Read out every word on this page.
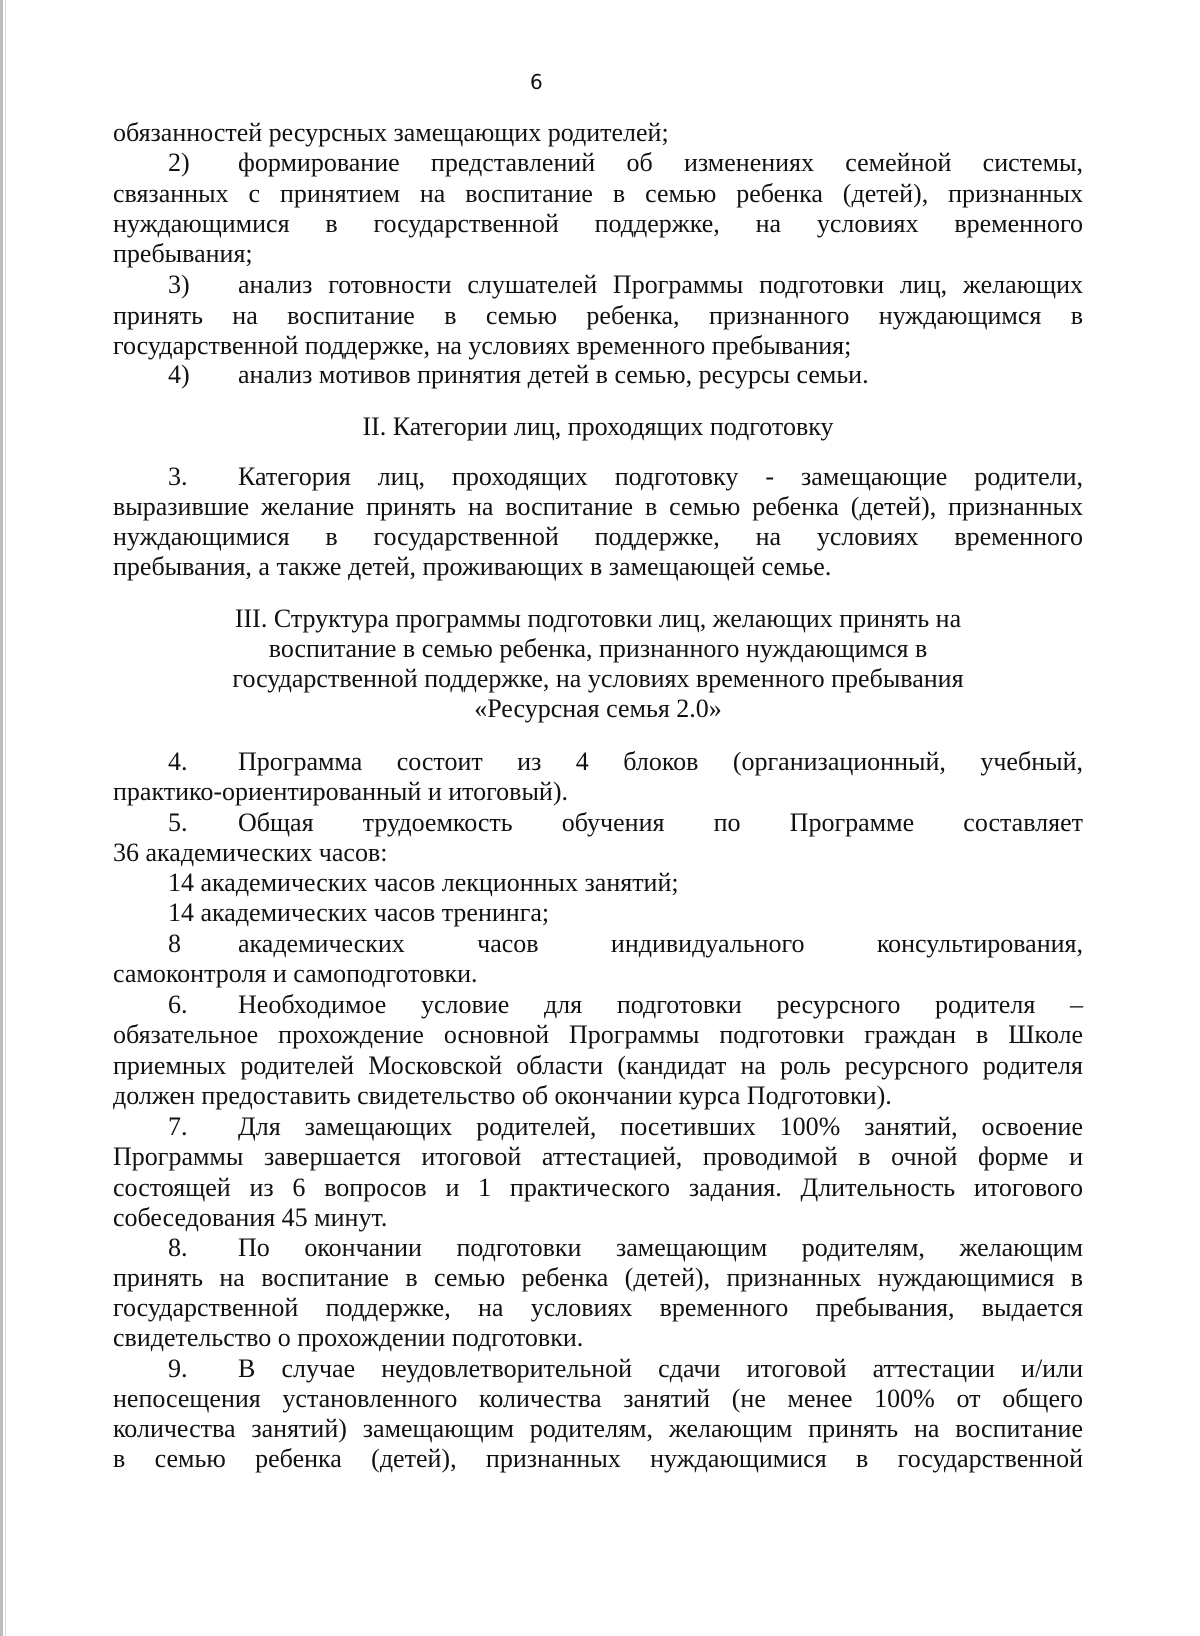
6
обязанностей ресурсных замещающих родителей;
2) формирование представлений об изменениях семейной системы,
связанных с принятием на воспитание в семью ребенка (детей), признанных
нуждающимися в государственной поддержке, на условиях временного
пребывания;
3) анализ готовности слушателей Программы подготовки лиц, желающих
принять на воспитание в семью ребенка, признанного нуждающимся в
государственной поддержке, на условиях временного пребывания;
4) анализ мотивов принятия детей в семью, ресурсы семьи.
II. Категории лиц, проходящих подготовку
3. Категория лиц, проходящих подготовку - замещающие родители,
выразившие желание принять на воспитание в семью ребенка (детей), признанных
нуждающимися в государственной поддержке, на условиях временного
пребывания, а также детей, проживающих в замещающей семье.
III. Структура программы подготовки лиц, желающих принять на
воспитание в семью ребенка, признанного нуждающимся в
государственной поддержке, на условиях временного пребывания
«Ресурсная семья 2.0»
4. Программа состоит из 4 блоков (организационный, учебный,
практико-ориентированный и итоговый).
5. Общая трудоемкость обучения по Программе составляет
36 академических часов:
14 академических часов лекционных занятий;
14 академических часов тренинга;
8 академических часов индивидуального консультирования,
самоконтроля и самоподготовки.
6. Необходимое условие для подготовки ресурсного родителя –
обязательное прохождение основной Программы подготовки граждан в Школе
приемных родителей Московской области (кандидат на роль ресурсного родителя
должен предоставить свидетельство об окончании курса Подготовки).
7. Для замещающих родителей, посетивших 100% занятий, освоение
Программы завершается итоговой аттестацией, проводимой в очной форме и
состоящей из 6 вопросов и 1 практического задания. Длительность итогового
собеседования 45 минут.
8. По окончании подготовки замещающим родителям, желающим
принять на воспитание в семью ребенка (детей), признанных нуждающимися в
государственной поддержке, на условиях временного пребывания, выдается
свидетельство о прохождении подготовки.
9. В случае неудовлетворительной сдачи итоговой аттестации и/или
непосещения установленного количества занятий (не менее 100% от общего
количества занятий) замещающим родителям, желающим принять на воспитание
в семью ребенка (детей), признанных нуждающимися в государственной
